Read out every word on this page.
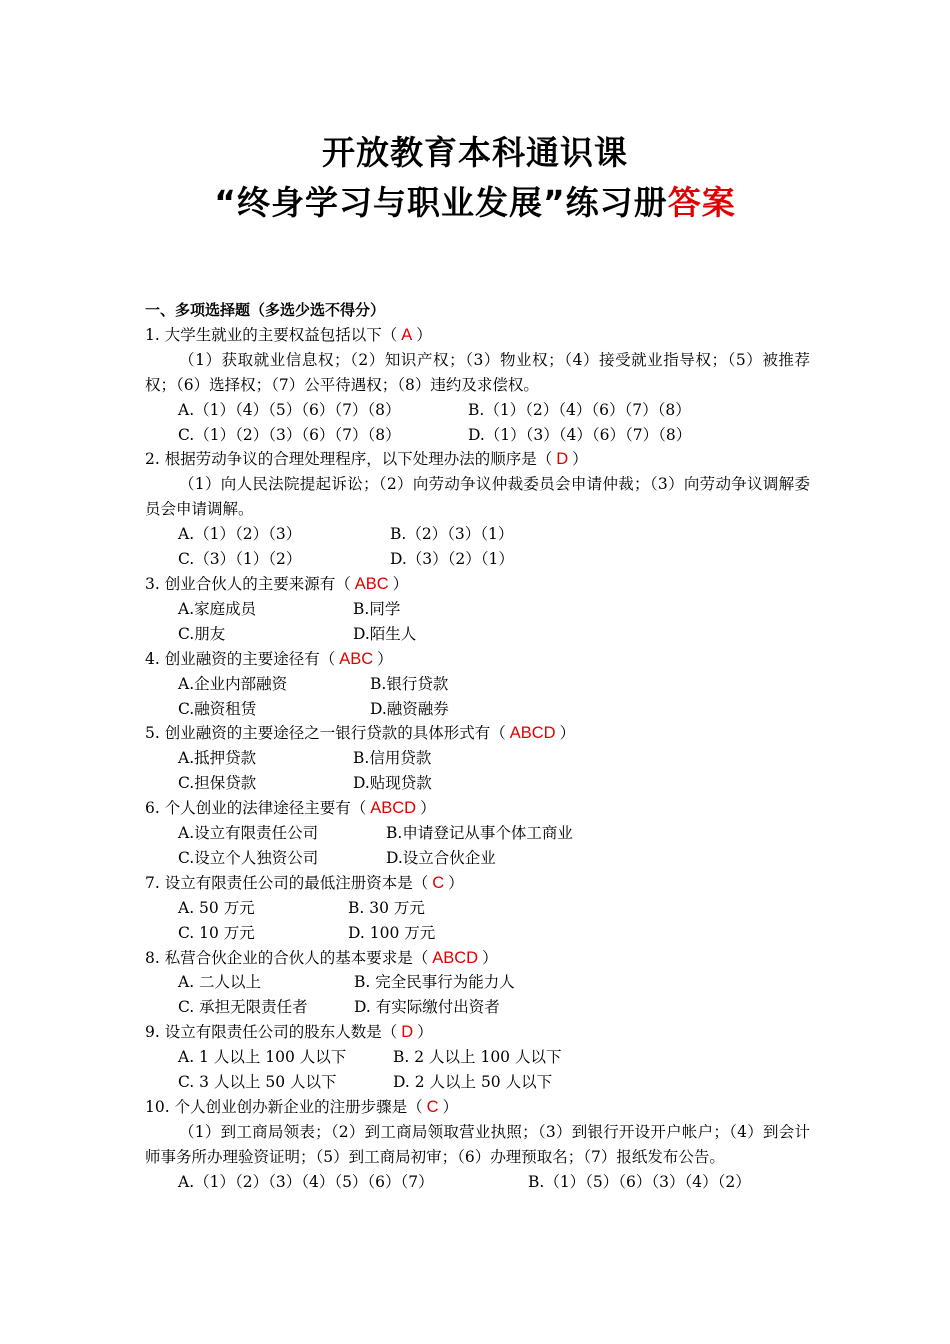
开放教育本科通识课
“终身学习与职业发展”练习册答案
一、多项选择题（多选少选不得分）
1. 大学生就业的主要权益包括以下（ A ）
（1）获取就业信息权；（2）知识产权；（3）物业权；（4）接受就业指导权；（5）被推荐权；（6）选择权；（7）公平待遇权；（8）违约及求偿权。
A.（1）（4）（5）（6）（7）（8）	B.（1）（2）（4）（6）（7）（8）
C.（1）（2）（3）（6）（7）（8）	D.（1）（3）（4）（6）（7）（8）
2. 根据劳动争议的合理处理程序，以下处理办法的顺序是（ D ）
（1）向人民法院提起诉讼；（2）向劳动争议仲裁委员会申请仲裁；（3）向劳动争议调解委员会申请调解。
A.（1）（2）（3）	B.（2）（3）（1）
C.（3）（1）（2）	D.（3）（2）（1）
3. 创业合伙人的主要来源有（ ABC ）
A.家庭成员	B.同学
C.朋友	D.陌生人
4. 创业融资的主要途径有（ ABC ）
A.企业内部融资	B.银行贷款
C.融资租赁	D.融资融券
5. 创业融资的主要途径之一银行贷款的具体形式有（ ABCD ）
A.抵押贷款	B.信用贷款
C.担保贷款	D.贴现贷款
6. 个人创业的法律途径主要有（ ABCD ）
A.设立有限责任公司	B.申请登记从事个体工商业
C.设立个人独资公司	D.设立合伙企业
7. 设立有限责任公司的最低注册资本是（ C ）
A. 50 万元	B. 30 万元
C. 10 万元	D. 100 万元
8. 私营合伙企业的合伙人的基本要求是（ ABCD ）
A. 二人以上	B. 完全民事行为能力人
C. 承担无限责任者	D. 有实际缴付出资者
9. 设立有限责任公司的股东人数是（ D ）
A. 1 人以上 100 人以下	B. 2 人以上 100 人以下
C. 3 人以上 50 人以下	D. 2 人以上 50 人以下
10. 个人创业创办新企业的注册步骤是（ C ）
（1）到工商局领表；（2）到工商局领取营业执照；（3）到银行开设开户帐户；（4）到会计师事务所办理验资证明；（5）到工商局初审；（6）办理预取名；（7）报纸发布公告。
A.（1）（2）（3）（4）（5）（6）（7）	B.（1）（5）（6）（3）（4）（2）
